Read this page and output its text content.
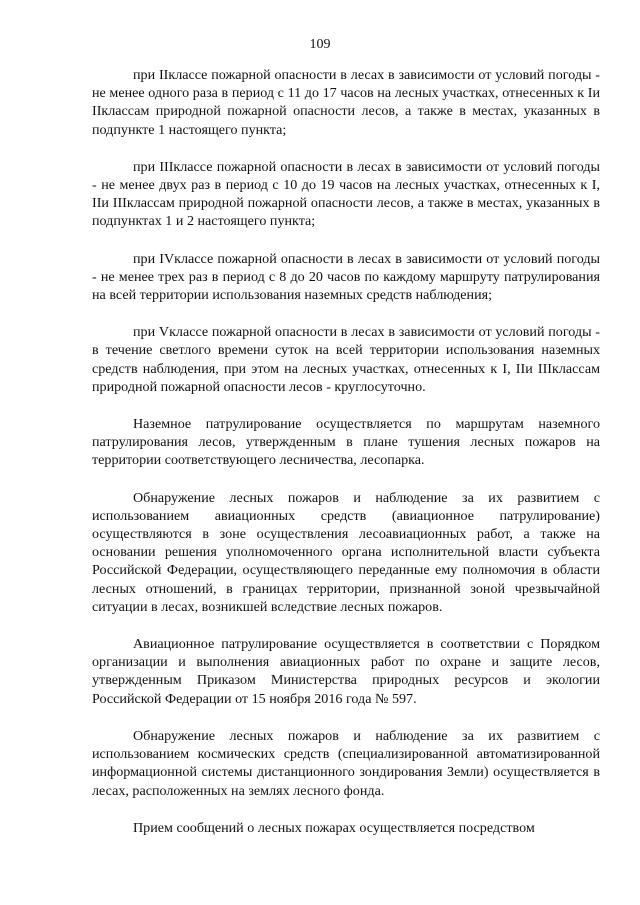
109

при IIклассе пожарной опасности в лесах в зависимости от условий погоды - не менее одного раза в период с 11 до 17 часов на лесных участках, отнесенных к Iи IIклассам природной пожарной опасности лесов, а также в местах, указанных в подпункте 1 настоящего пункта;

при IIIклассе пожарной опасности в лесах в зависимости от условий погоды - не менее двух раз в период с 10 до 19 часов на лесных участках, отнесенных к I, IIи IIIклассам природной пожарной опасности лесов, а также в местах, указанных в подпунктах 1 и 2 настоящего пункта;

при IVклассе пожарной опасности в лесах в зависимости от условий погоды - не менее трех раз в период с 8 до 20 часов по каждому маршруту патрулирования на всей территории использования наземных средств наблюдения;

при Vклассе пожарной опасности в лесах в зависимости от условий погоды - в течение светлого времени суток на всей территории использования наземных средств наблюдения, при этом на лесных участках, отнесенных к I, IIи IIIклассам природной пожарной опасности лесов - круглосуточно.

Наземное патрулирование осуществляется по маршрутам наземного патрулирования лесов, утвержденным в плане тушения лесных пожаров на территории соответствующего лесничества, лесопарка.

Обнаружение лесных пожаров и наблюдение за их развитием с использованием авиационных средств (авиационное патрулирование) осуществляются в зоне осуществления лесоавиационных работ, а также на основании решения уполномоченного органа исполнительной власти субъекта Российской Федерации, осуществляющего переданные ему полномочия в области лесных отношений, в границах территории, признанной зоной чрезвычайной ситуации в лесах, возникшей вследствие лесных пожаров.

Авиационное патрулирование осуществляется в соответствии с Порядком организации и выполнения авиационных работ по охране и защите лесов, утвержденным Приказом Министерства природных ресурсов и экологии Российской Федерации от 15 ноября 2016 года № 597.

Обнаружение лесных пожаров и наблюдение за их развитием с использованием космических средств (специализированной автоматизированной информационной системы дистанционного зондирования Земли) осуществляется в лесах, расположенных на землях лесного фонда.

Прием сообщений о лесных пожарах осуществляется посредством
